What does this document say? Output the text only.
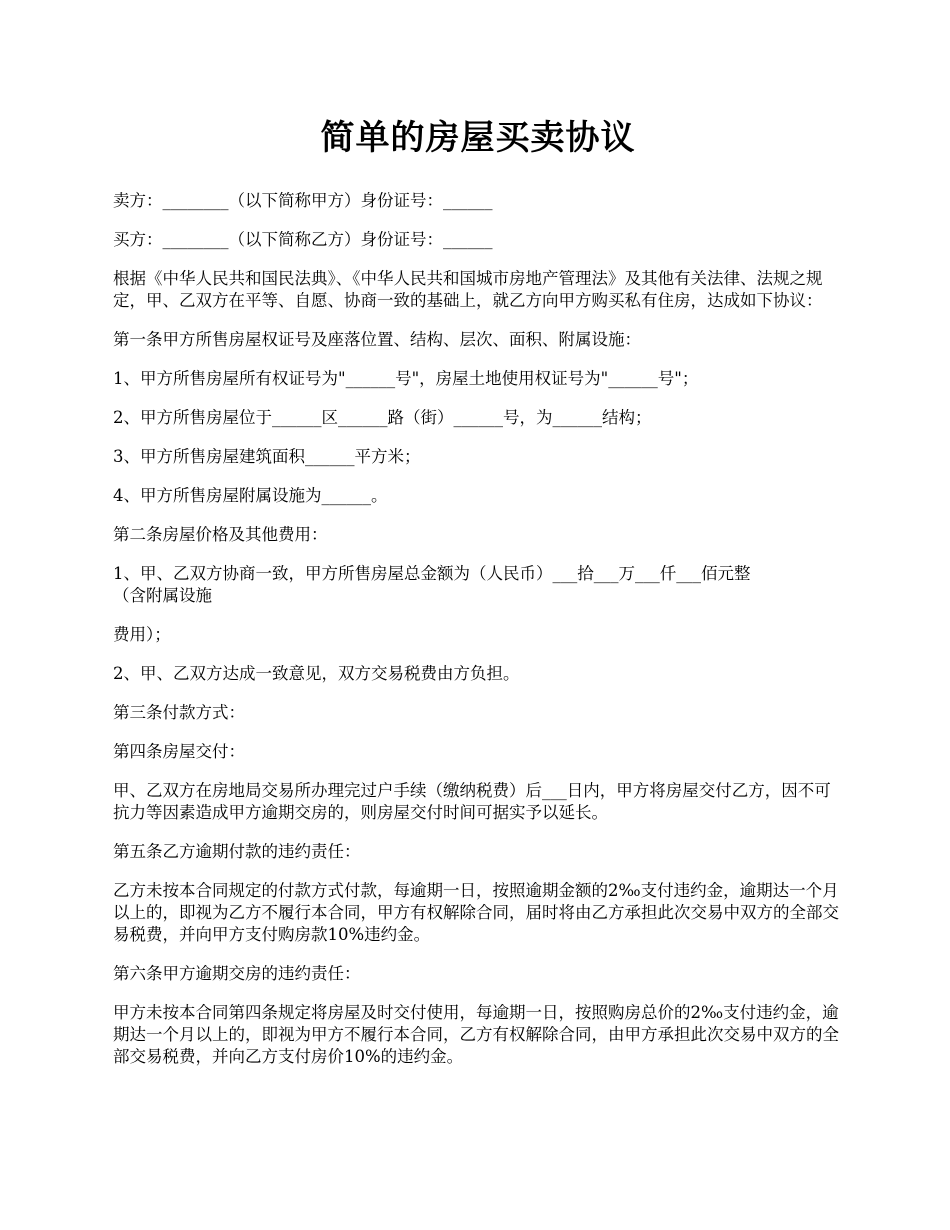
简单的房屋买卖协议

卖方：________（以下简称甲方）身份证号：______

买方：________（以下简称乙方）身份证号：______

根据《中华人民共和国民法典》、《中华人民共和国城市房地产管理法》及其他有关法律、法规之规定，甲、乙双方在平等、自愿、协商一致的基础上，就乙方向甲方购买私有住房，达成如下协议：

第一条甲方所售房屋权证号及座落位置、结构、层次、面积、附属设施：

1、甲方所售房屋所有权证号为"______号"，房屋土地使用权证号为"______号"；

2、甲方所售房屋位于______区______路（街）______号，为______结构；

3、甲方所售房屋建筑面积______平方米；

4、甲方所售房屋附属设施为______。

第二条房屋价格及其他费用：

1、甲、乙双方协商一致，甲方所售房屋总金额为（人民币）___拾___万___仟___佰元整
（含附属设施

费用）；

2、甲、乙双方达成一致意见，双方交易税费由方负担。

第三条付款方式：

第四条房屋交付：

甲、乙双方在房地局交易所办理完过户手续（缴纳税费）后___日内，甲方将房屋交付乙方，因不可抗力等因素造成甲方逾期交房的，则房屋交付时间可据实予以延长。

第五条乙方逾期付款的违约责任：

乙方未按本合同规定的付款方式付款，每逾期一日，按照逾期金额的2‰支付违约金，逾期达一个月以上的，即视为乙方不履行本合同，甲方有权解除合同，届时将由乙方承担此次交易中双方的全部交易税费，并向甲方支付购房款10%违约金。

第六条甲方逾期交房的违约责任：

甲方未按本合同第四条规定将房屋及时交付使用，每逾期一日，按照购房总价的2‰支付违约金，逾期达一个月以上的，即视为甲方不履行本合同，乙方有权解除合同，由甲方承担此次交易中双方的全部交易税费，并向乙方支付房价10%的违约金。
